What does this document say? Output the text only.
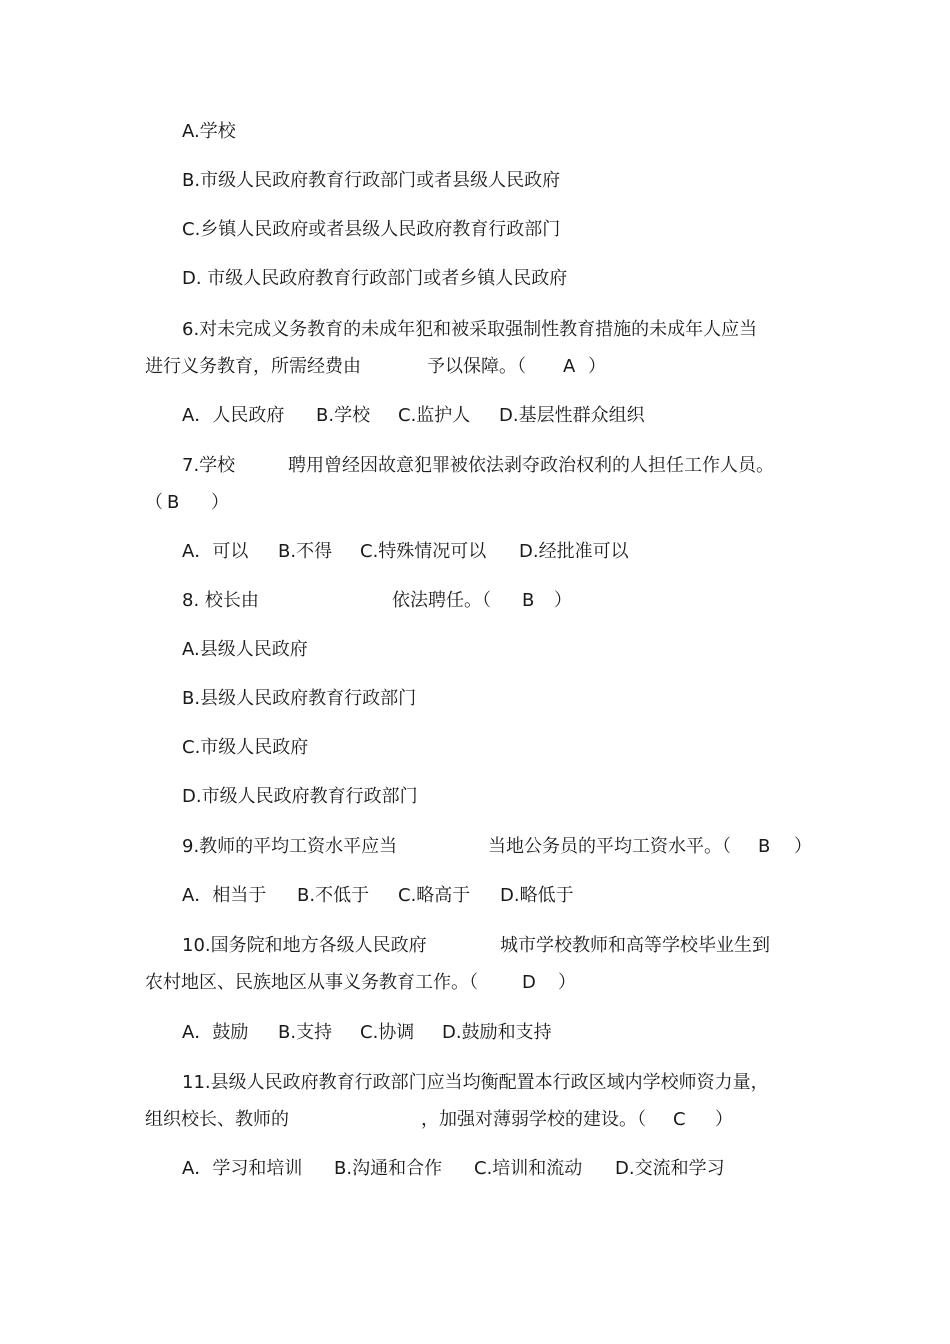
A.学校
B.市级人民政府教育行政部门或者县级人民政府
C.乡镇人民政府或者县级人民政府教育行政部门
D. 市级人民政府教育行政部门或者乡镇人民政府
6.对未完成义务教育的未成年犯和被采取强制性教育措施的未成年人应当

进行义务教育，所需经费由

	予以保障。（

A

）

A．人民政府

B.学校

C.监护人

D.基层性群众组织

7.学校

	聘用曾经因故意犯罪被依法剥夺政治权利的人担任工作人员。

（

B

）

A．可以

B.不得

C.特殊情况可以

D.经批准可以

8. 校长由

	依法聘任。（

B

）

A.县级人民政府
B.县级人民政府教育行政部门
C.市级人民政府
D.市级人民政府教育行政部门

9.教师的平均工资水平应当

	当地公务员的平均工资水平。（

B

）

A．相当于

B.不低于

C.略高于

D.略低于

10.国务院和地方各级人民政府

	城市学校教师和高等学校毕业生到

农村地区、民族地区从事义务教育工作。（

D

）

A．鼓励

B.支持

C.协调

D.鼓励和支持

11.县级人民政府教育行政部门应当均衡配置本行政区域内学校师资力量，

组织校长、教师的

	，加强对薄弱学校的建设。（

C

）

A．学习和培训

B.沟通和合作

C.培训和流动

D.交流和学习
